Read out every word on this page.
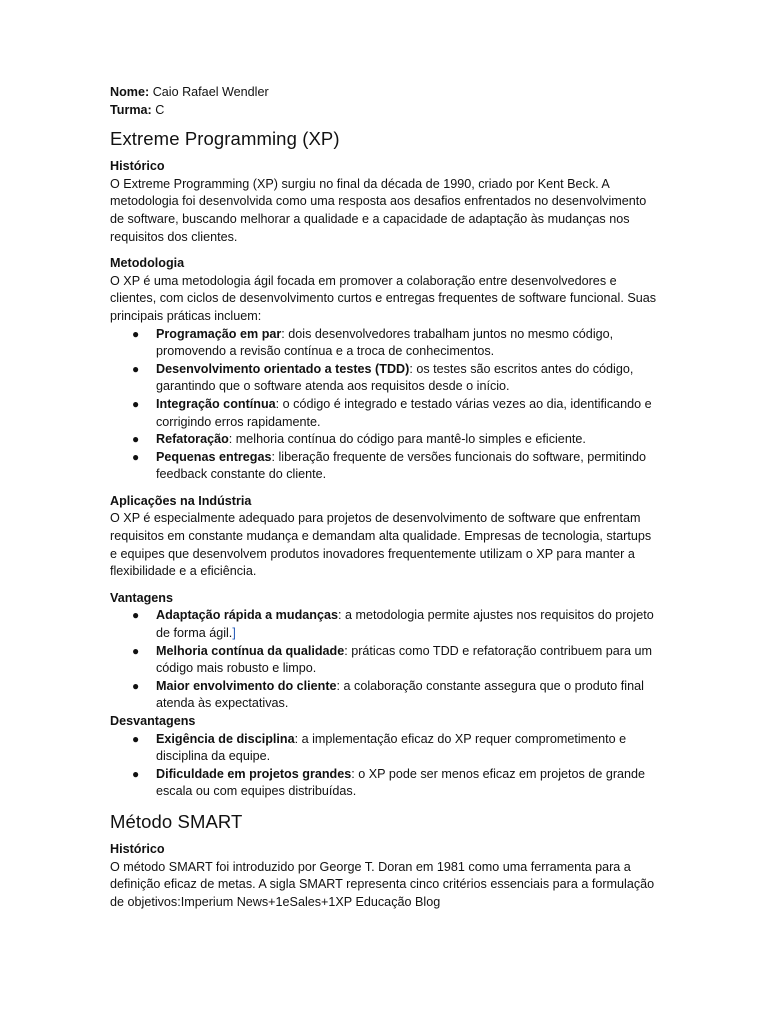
Nome: Caio Rafael Wendler

Turma: C

Extreme Programming (XP)
Histórico

O Extreme Programming (XP) surgiu no final da década de 1990, criado por Kent Beck. A metodologia foi desenvolvida como uma resposta aos desafios enfrentados no desenvolvimento de software, buscando melhorar a qualidade e a capacidade de adaptação às mudanças nos requisitos dos clientes.

Metodologia

O XP é uma metodologia ágil focada em promover a colaboração entre desenvolvedores e clientes, com ciclos de desenvolvimento curtos e entregas frequentes de software funcional. Suas principais práticas incluem:

● Programação em par: dois desenvolvedores trabalham juntos no mesmo código, promovendo a revisão contínua e a troca de conhecimentos.
● Desenvolvimento orientado a testes (TDD): os testes são escritos antes do código, garantindo que o software atenda aos requisitos desde o início.
● Integração contínua: o código é integrado e testado várias vezes ao dia, identificando e corrigindo erros rapidamente.
● Refatoração: melhoria contínua do código para mantê-lo simples e eficiente.
● Pequenas entregas: liberação frequente de versões funcionais do software, permitindo feedback constante do cliente.
Aplicações na Indústria

O XP é especialmente adequado para projetos de desenvolvimento de software que enfrentam requisitos em constante mudança e demandam alta qualidade. Empresas de tecnologia, startups e equipes que desenvolvem produtos inovadores frequentemente utilizam o XP para manter a flexibilidade e a eficiência.

Vantagens
● Adaptação rápida a mudanças: a metodologia permite ajustes nos requisitos do projeto de forma ágil.]
● Melhoria contínua da qualidade: práticas como TDD e refatoração contribuem para um código mais robusto e limpo.
● Maior envolvimento do cliente: a colaboração constante assegura que o produto final atenda às expectativas.
Desvantagens
● Exigência de disciplina: a implementação eficaz do XP requer comprometimento e disciplina da equipe.
● Dificuldade em projetos grandes: o XP pode ser menos eficaz em projetos de grande escala ou com equipes distribuídas.
Método SMART
Histórico

O método SMART foi introduzido por George T. Doran em 1981 como uma ferramenta para a definição eficaz de metas. A sigla SMART representa cinco critérios essenciais para a formulação de objetivos:Imperium News+1eSales+1XP Educação Blog
